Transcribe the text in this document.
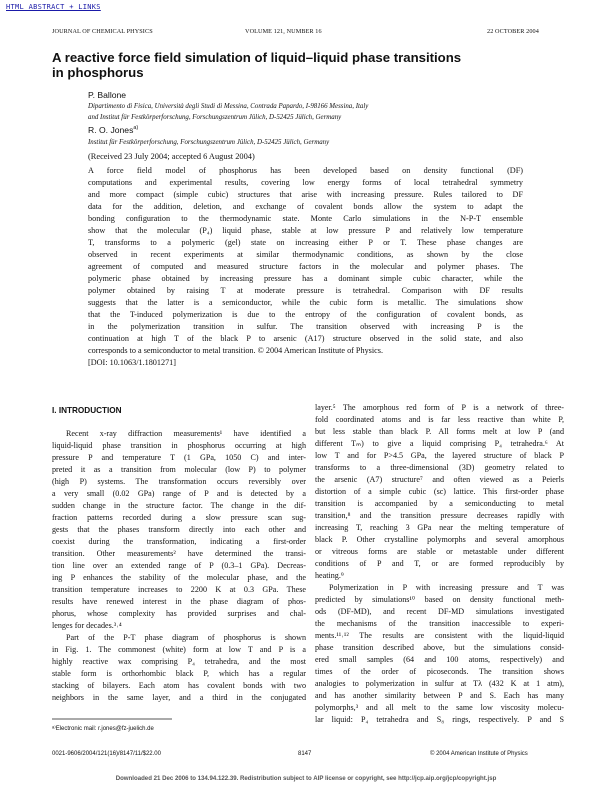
HTML ABSTRACT + LINKS
JOURNAL OF CHEMICAL PHYSICS	VOLUME 121, NUMBER 16	22 OCTOBER 2004
A reactive force field simulation of liquid–liquid phase transitions
in phosphorus
P. Ballone
Dipartimento di Fisica, Università degli Studi di Messina, Contrada Papardo, I-98166 Messina, Italy
and Institut für Festkörperforschung, Forschungszentrum Jülich, D-52425 Jülich, Germany
R. O. Jones$^{a)}$
Institut für Festkörperforschung, Forschungszentrum Jülich, D-52425 Jülich, Germany
(Received 23 July 2004; accepted 6 August 2004)
A force field model of phosphorus has been developed based on density functional (DF)
computations and experimental results, covering low energy forms of local tetrahedral symmetry
and more compact (simple cubic) structures that arise with increasing pressure. Rules tailored to DF
data for the addition, deletion, and exchange of covalent bonds allow the system to adapt the
bonding configuration to the thermodynamic state. Monte Carlo simulations in the N-P-T ensemble
show that the molecular (P₄) liquid phase, stable at low pressure P and relatively low temperature
T, transforms to a polymeric (gel) state on increasing either P or T. These phase changes are
observed in recent experiments at similar thermodynamic conditions, as shown by the close
agreement of computed and measured structure factors in the molecular and polymer phases. The
polymeric phase obtained by increasing pressure has a dominant simple cubic character, while the
polymer obtained by raising T at moderate pressure is tetrahedral. Comparison with DF results
suggests that the latter is a semiconductor, while the cubic form is metallic. The simulations show
that the T-induced polymerization is due to the entropy of the configuration of covalent bonds, as
in the polymerization transition in sulfur. The transition observed with increasing P is the
continuation at high T of the black P to arsenic (A17) structure observed in the solid state, and also
corresponds to a semiconductor to metal transition. © 2004 American Institute of Physics.
[DOI: 10.1063/1.1801271]
I. INTRODUCTION
Recent x-ray diffraction measurements¹ have identified a
liquid-liquid phase transition in phosphorus occurring at high
pressure P and temperature T (1 GPa, 1050 C) and inter-
preted it as a transition from molecular (low P) to polymer
(high P) systems. The transformation occurs reversibly over
a very small (0.02 GPa) range of P and is detected by a
sudden change in the structure factor. The change in the dif-
fraction patterns recorded during a slow pressure scan sug-
gests that the phases transform directly into each other and
coexist during the transformation, indicating a first-order
transition. Other measurements² have determined the transi-
tion line over an extended range of P (0.3–1 GPa). Decreas-
ing P enhances the stability of the molecular phase, and the
transition temperature increases to 2200 K at 0.3 GPa. These
results have renewed interest in the phase diagram of phos-
phorus, whose complexity has provided surprises and chal-
lenges for decades.³˒⁴
Part of the P-T phase diagram of phosphorus is shown
in Fig. 1. The commonest (white) form at low T and P is a
highly reactive wax comprising P₄ tetrahedra, and the most
stable form is orthorhombic black P, which has a regular
stacking of bilayers. Each atom has covalent bonds with two
neighbors in the same layer, and a third in the conjugated
layer.⁵ The amorphous red form of P is a network of three-
fold coordinated atoms and is far less reactive than white P,
but less stable than black P. All forms melt at low P (and
different Tₘ) to give a liquid comprising P₄ tetrahedra.⁶ At
low T and for P>4.5 GPa, the layered structure of black P
transforms to a three-dimensional (3D) geometry related to
the arsenic (A7) structure⁷ and often viewed as a Peierls
distortion of a simple cubic (sc) lattice. This first-order phase
transition is accompanied by a semiconducting to metal
transition,⁸ and the transition pressure decreases rapidly with
increasing T, reaching 3 GPa near the melting temperature of
black P. Other crystalline polymorphs and several amorphous
or vitreous forms are stable or metastable under different
conditions of P and T, or are formed reproducibly by
heating.⁹
Polymerization in P with increasing pressure and T was
predicted by simulations¹⁰ based on density functional meth-
ods (DF-MD), and recent DF-MD simulations investigated
the mechanisms of the transition inaccessible to experi-
ments.¹¹˒¹² The results are consistent with the liquid-liquid
phase transition described above, but the simulations consid-
ered small samples (64 and 100 atoms, respectively) and
times of the order of picoseconds. The transition shows
analogies to polymerization in sulfur at Tλ (432 K at 1 atm),
and has another similarity between P and S. Each has many
polymorphs,³ and all melt to the same low viscosity molecu-
lar liquid: P₄ tetrahedra and S₈ rings, respectively. P and S
ᵃ⁾Electronic mail: r.jones@fz-juelich.de
0021-9606/2004/121(16)/8147/11/$22.00	8147	© 2004 American Institute of Physics
Downloaded 21 Dec 2006 to 134.94.122.39. Redistribution subject to AIP license or copyright, see http://jcp.aip.org/jcp/copyright.jsp
